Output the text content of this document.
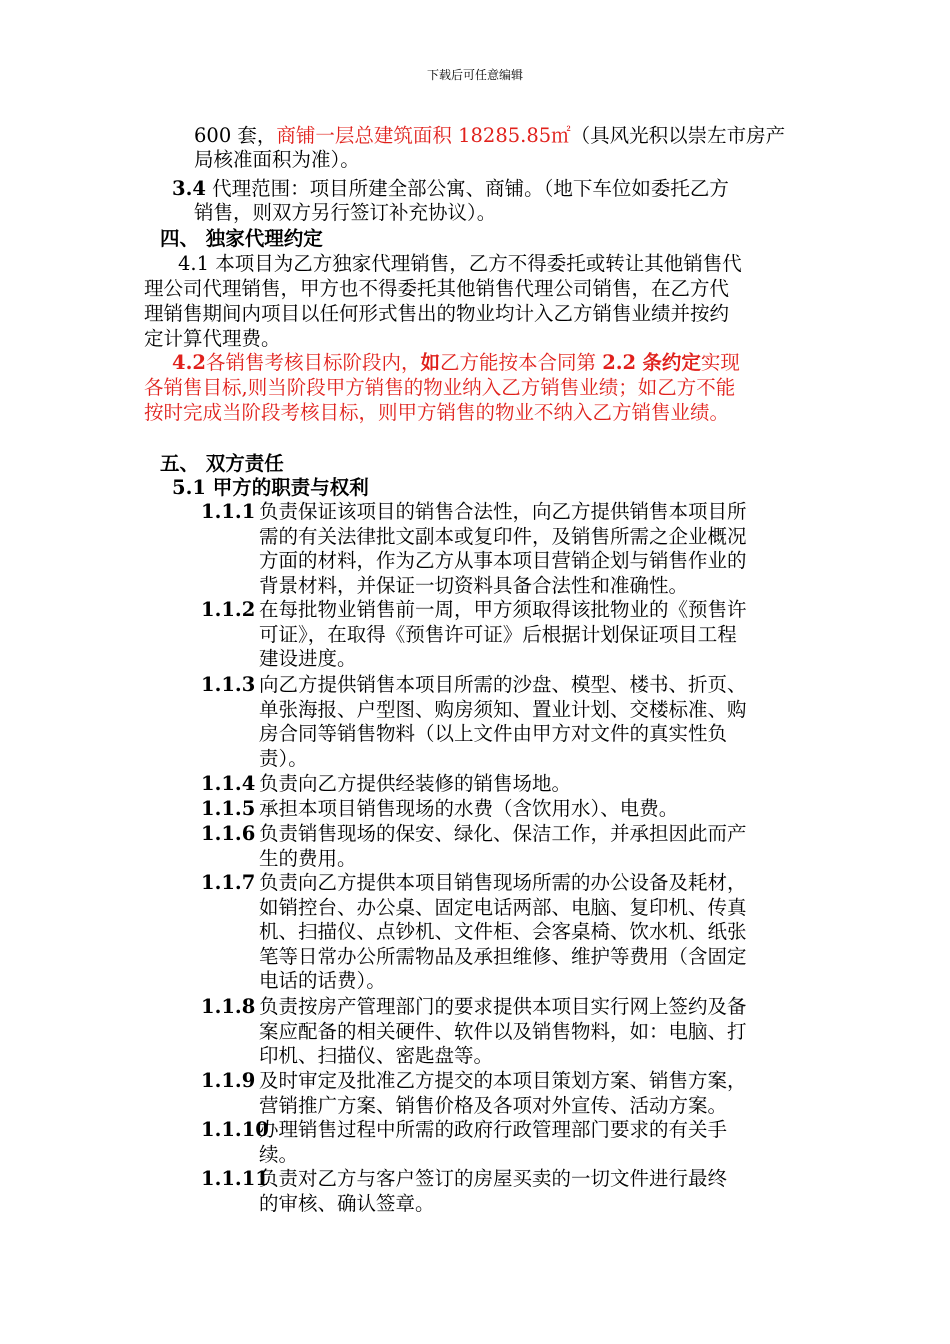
下载后可任意编辑
600 套，商铺一层总建筑面积 18285.85㎡（具风光积以崇左市房产
局核准面积为准）。
3.4 代理范围：项目所建全部公寓、商铺。（地下车位如委托乙方
销售，则双方另行签订补充协议）。
四、 独家代理约定
4.1 本项目为乙方独家代理销售，乙方不得委托或转让其他销售代
理公司代理销售，甲方也不得委托其他销售代理公司销售，在乙方代
理销售期间内项目以任何形式售出的物业均计入乙方销售业绩并按约
定计算代理费。
4.2各销售考核目标阶段内，如乙方能按本合同第 2.2 条约定实现
各销售目标,则当阶段甲方销售的物业纳入乙方销售业绩；如乙方不能
按时完成当阶段考核目标，则甲方销售的物业不纳入乙方销售业绩。
五、 双方责任
5.1 甲方的职责与权利
1.1.1 负责保证该项目的销售合法性，向乙方提供销售本项目所
需的有关法律批文副本或复印件，及销售所需之企业概况
方面的材料，作为乙方从事本项目营销企划与销售作业的
背景材料，并保证一切资料具备合法性和准确性。
1.1.2 在每批物业销售前一周，甲方须取得该批物业的《预售许
可证》，在取得《预售许可证》后根据计划保证项目工程
建设进度。
1.1.3 向乙方提供销售本项目所需的沙盘、模型、楼书、折页、
单张海报、户型图、购房须知、置业计划、交楼标准、购
房合同等销售物料（以上文件由甲方对文件的真实性负
责）。
1.1.4 负责向乙方提供经装修的销售场地。
1.1.5 承担本项目销售现场的水费（含饮用水）、电费。
1.1.6 负责销售现场的保安、绿化、保洁工作，并承担因此而产
生的费用。
1.1.7 负责向乙方提供本项目销售现场所需的办公设备及耗材，
如销控台、办公桌、固定电话两部、电脑、复印机、传真
机、扫描仪、点钞机、文件柜、会客桌椅、饮水机、纸张
笔等日常办公所需物品及承担维修、维护等费用（含固定
电话的话费）。
1.1.8 负责按房产管理部门的要求提供本项目实行网上签约及备
案应配备的相关硬件、软件以及销售物料，如：电脑、打
印机、扫描仪、密匙盘等。
1.1.9 及时审定及批准乙方提交的本项目策划方案、销售方案，
营销推广方案、销售价格及各项对外宣传、活动方案。
1.1.10
办理销售过程中所需的政府行政管理部门要求的有关手
续。
1.1.11
负责对乙方与客户签订的房屋买卖的一切文件进行最终
的审核、确认签章。
